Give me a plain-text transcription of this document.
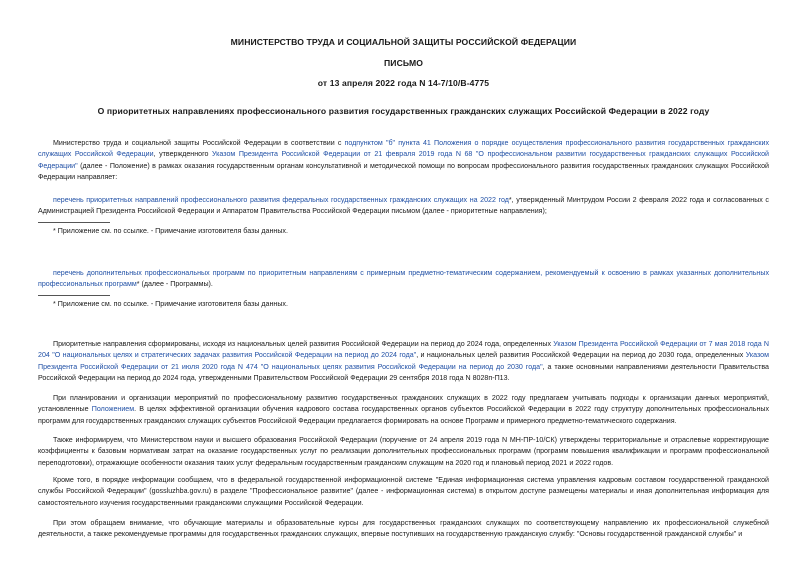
МИНИСТЕРСТВО ТРУДА И СОЦИАЛЬНОЙ ЗАЩИТЫ РОССИЙСКОЙ ФЕДЕРАЦИИ
ПИСЬМО
от 13 апреля 2022 года N 14-7/10/В-4775
О приоритетных направлениях профессионального развития государственных гражданских служащих Российской Федерации в 2022 году
Министерство труда и социальной защиты Российской Федерации в соответствии с подпунктом "б" пункта 41 Положения о порядке осуществления профессионального развития государственных гражданских служащих Российской Федерации, утвержденного Указом Президента Российской Федерации от 21 февраля 2019 года N 68 "О профессиональном развитии государственных гражданских служащих Российской Федерации" (далее - Положение) в рамках оказания государственным органам консультативной и методической помощи по вопросам профессионального развития государственных гражданских служащих Российской Федерации направляет:
перечень приоритетных направлений профессионального развития федеральных государственных гражданских служащих на 2022 год*, утвержденный Минтрудом России 2 февраля 2022 года и согласованных с Администрацией Президента Российской Федерации и Аппаратом Правительства Российской Федерации письмом (далее - приоритетные направления);
* Приложение см. по ссылке. - Примечание изготовителя базы данных.
перечень дополнительных профессиональных программ по приоритетным направлениям с примерным предметно-тематическим содержанием, рекомендуемый к освоению в рамках указанных дополнительных профессиональных программ* (далее - Программы).
* Приложение см. по ссылке. - Примечание изготовителя базы данных.
Приоритетные направления сформированы, исходя из национальных целей развития Российской Федерации на период до 2024 года, определенных Указом Президента Российской Федерации от 7 мая 2018 года N 204 "О национальных целях и стратегических задачах развития Российской Федерации на период до 2024 года", и национальных целей развития Российской Федерации на период до 2030 года, определенных Указом Президента Российской Федерации от 21 июля 2020 года N 474 "О национальных целях развития Российской Федерации на период до 2030 года", а также основными направлениями деятельности Правительства Российской Федерации на период до 2024 года, утвержденными Правительством Российской Федерации 29 сентября 2018 года N 8028п-П13.
При планировании и организации мероприятий по профессиональному развитию государственных гражданских служащих в 2022 году предлагаем учитывать подходы к организации данных мероприятий, установленные Положением. В целях эффективной организации обучения кадрового состава государственных органов субъектов Российской Федерации в 2022 году структуру дополнительных профессиональных программ для государственных гражданских служащих субъектов Российской Федерации предлагается формировать на основе Программ и примерного предметно-тематического содержания.
Также информируем, что Министерством науки и высшего образования Российской Федерации (поручение от 24 апреля 2019 года N МН-ПР-10/СК) утверждены территориальные и отраслевые корректирующие коэффициенты к базовым нормативам затрат на оказание государственных услуг по реализации дополнительных профессиональных программ (программ повышения квалификации и программ профессиональной переподготовки), отражающие особенности оказания таких услуг федеральным государственным гражданским служащим на 2020 год и плановый период 2021 и 2022 годов.
Кроме того, в порядке информации сообщаем, что в федеральной государственной информационной системе "Единая информационная система управления кадровым составом государственной гражданской службы Российской Федерации" (gossluzhba.gov.ru) в разделе "Профессиональное развитие" (далее - информационная система) в открытом доступе размещены материалы и иная дополнительная информация для самостоятельного изучения государственными гражданскими служащими Российской Федерации.
При этом обращаем внимание, что обучающие материалы и образовательные курсы для государственных гражданских служащих по соответствующему направлению их профессиональной служебной деятельности, а также рекомендуемые программы для государственных гражданских служащих, впервые поступивших на государственную гражданскую службу: "Основы государственной гражданской службы" и
